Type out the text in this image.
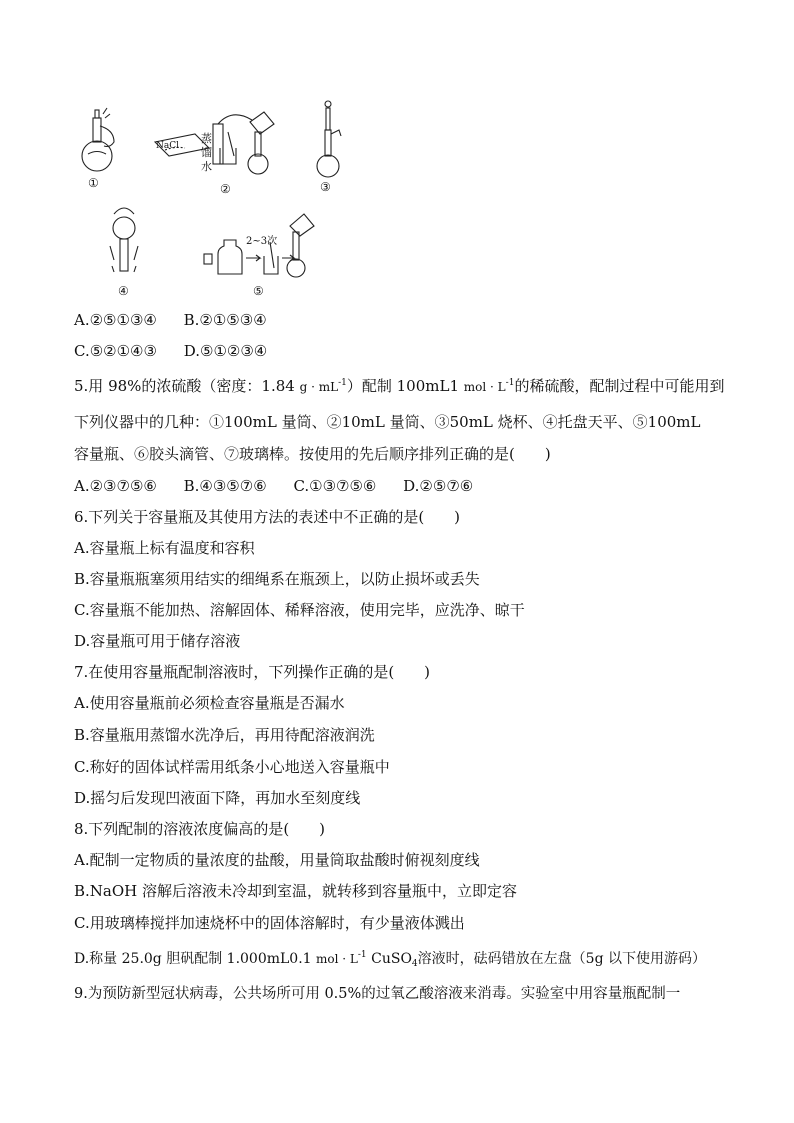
NaCl
蒸
馏
水
2~3次
①	②	③
④	⑤
A.②⑤①③④ B.②①⑤③④
C.⑤②①④③ D.⑤①②③④
5.用 98%的浓硫酸（密度：1.84 $g \cdot mL^{-1}$）配制 100mL1 mol · $L^{-1}$的稀硫酸，配制过程中可能用到
下列仪器中的几种：①100mL 量筒、②10mL 量筒、③50mL 烧杯、④托盘天平、⑤100mL
容量瓶、⑥胶头滴管、⑦玻璃棒。按使用的先后顺序排列正确的是(　　)
A.②③⑦⑤⑥ B.④③⑤⑦⑥ C.①③⑦⑤⑥ D.②⑤⑦⑥
6.下列关于容量瓶及其使用方法的表述中不正确的是(　　)
A.容量瓶上标有温度和容积
B.容量瓶瓶塞须用结实的细绳系在瓶颈上，以防止损坏或丢失
C.容量瓶不能加热、溶解固体、稀释溶液，使用完毕，应洗净、晾干
D.容量瓶可用于储存溶液
7.在使用容量瓶配制溶液时，下列操作正确的是(　　)
A.使用容量瓶前必须检查容量瓶是否漏水
B.容量瓶用蒸馏水洗净后，再用待配溶液润洗
C.称好的固体试样需用纸条小心地送入容量瓶中
D.摇匀后发现凹液面下降，再加水至刻度线
8.下列配制的溶液浓度偏高的是(　　)
A.配制一定物质的量浓度的盐酸，用量筒取盐酸时俯视刻度线
B.NaOH 溶解后溶液未冷却到室温，就转移到容量瓶中，立即定容
C.用玻璃棒搅拌加速烧杯中的固体溶解时，有少量液体溅出
D.称量 25.0g 胆矾配制 1.000mL0.1 mol · $L^{-1}$ CuSO$_4$溶液时，砝码错放在左盘（5g 以下使用游码）
9.为预防新型冠状病毒，公共场所可用 0.5%的过氧乙酸溶液来消毒。实验室中用容量瓶配制一
